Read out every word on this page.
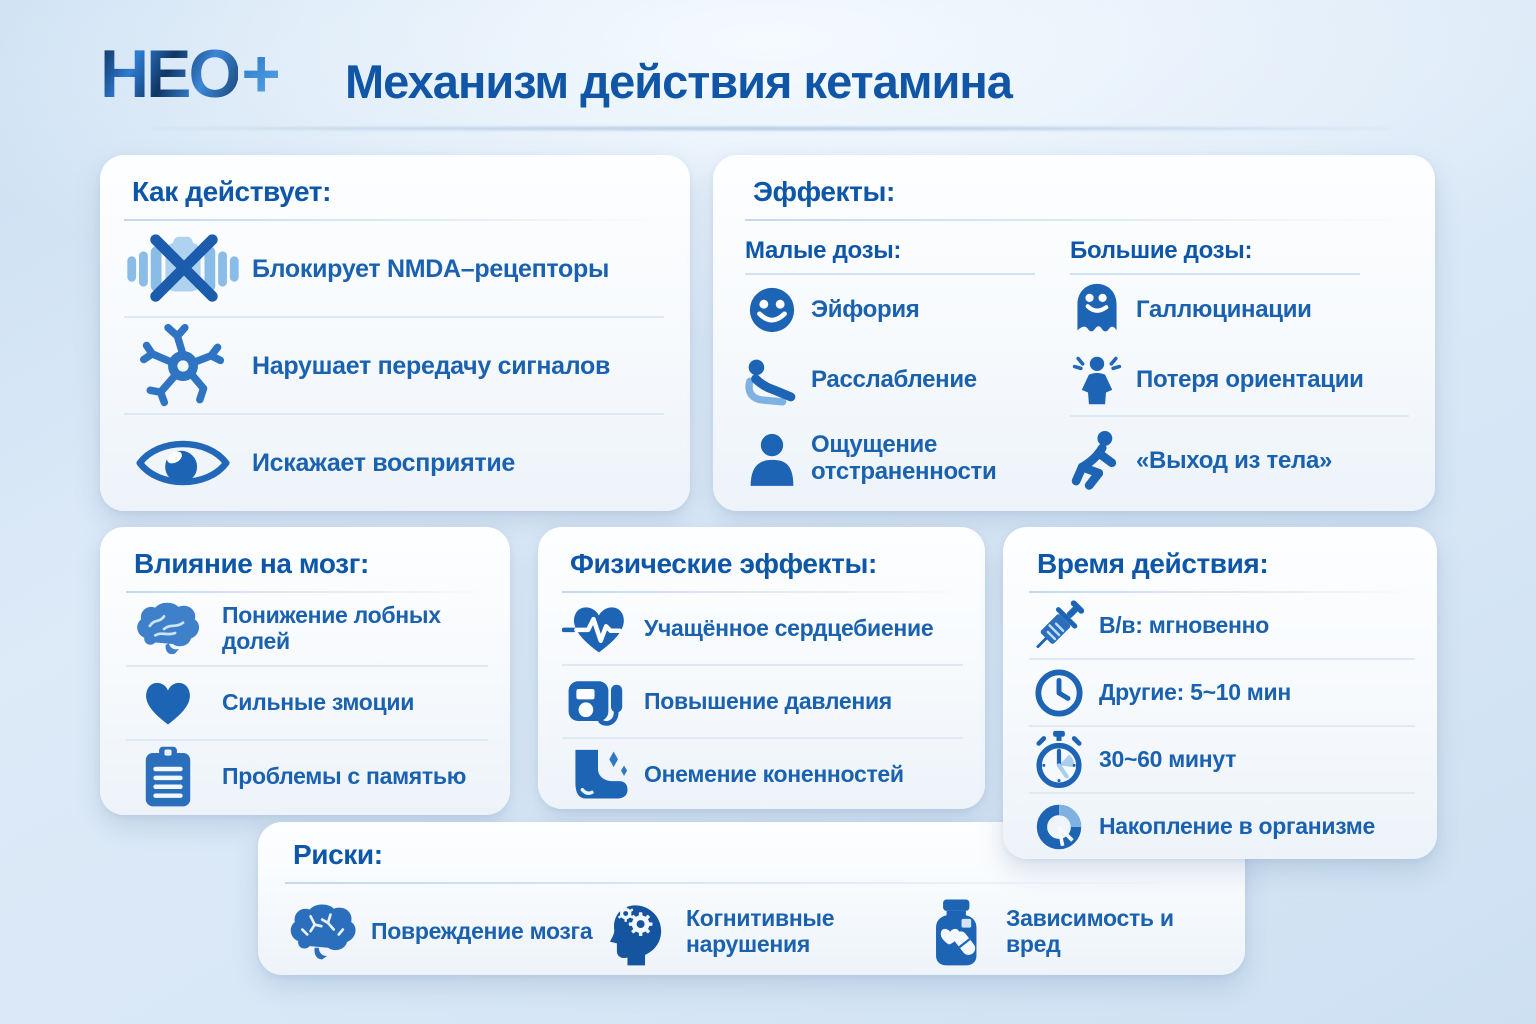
НЕО+ Механизм действия кетамина
Риски:
Повреждение мозга	Когнитивные нарушения
Зависимость и вред
Как действует:
Блокирует NMDA–рецепторы
Нарушает передачу сигналов
Искажает восприятие
Эффекты:
Малые дозы:
Эйфория
Расслабление
Ощущение отстраненности
Большие дозы:
Галлюцинации
Потеря ориентации
«Выход из тела»
Влияние на мозг:
Понижение лобных долей
Сильные змоции
Проблемы с памятью
Физические эффекты:
Учащённое сердцебиение
Повышение давления
Онемение коненностей
Время действия:
В/в: мгновенно
Другие: 5~10 мин
30~60 минут
Накопление в организме
